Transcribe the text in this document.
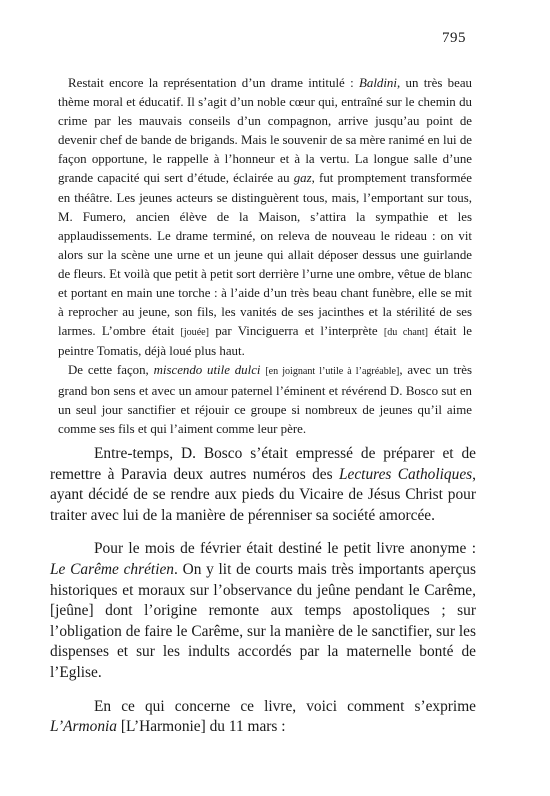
795

Restait encore la représentation d’un drame intitulé : Baldini, un très beau thème moral et éducatif. Il s’agit d’un noble cœur qui, entraîné sur le chemin du crime par les mauvais conseils d’un compagnon, arrive jusqu’au point de devenir chef de bande de brigands. Mais le souvenir de sa mère ranimé en lui de façon opportune, le rappelle à l’honneur et à la vertu. La longue salle d’une grande capacité qui sert d’étude, éclairée au gaz, fut promptement transformée en théâtre. Les jeunes acteurs se distinguèrent tous, mais, l’emportant sur tous, M. Fumero, ancien élève de la Maison, s’attira la sympathie et les applaudissements. Le drame terminé, on releva de nouveau le rideau : on vit alors sur la scène une urne et un jeune qui allait déposer dessus une guirlande de fleurs. Et voilà que petit à petit sort derrière l’urne une ombre, vêtue de blanc et portant en main une torche : à l’aide d’un très beau chant funèbre, elle se mit à reprocher au jeune, son fils, les vanités de ses jacinthes et la stérilité de ses larmes. L’ombre était [jouée] par Vinciguerra et l’interprète [du chant] était le peintre Tomatis, déjà loué plus haut.

De cette façon, miscendo utile dulci [en joignant l’utile à l’agréable], avec un très grand bon sens et avec un amour paternel l’éminent et révérend D. Bosco sut en un seul jour sanctifier et réjouir ce groupe si nombreux de jeunes qu’il aime comme ses fils et qui l’aiment comme leur père.

Entre-temps, D. Bosco s’était empressé de préparer et de remettre à Paravia deux autres numéros des Lectures Catholiques, ayant décidé de se rendre aux pieds du Vicaire de Jésus Christ pour traiter avec lui de la manière de pérenniser sa société amorcée.

Pour le mois de février était destiné le petit livre anonyme : Le Carême chrétien. On y lit de courts mais très importants aperçus historiques et moraux sur l’observance du jeûne pendant le Carême, [jeûne] dont l’origine remonte aux temps apostoliques ; sur l’obligation de faire le Carême, sur la manière de le sanctifier, sur les dispenses et sur les indults accordés par la maternelle bonté de l’Eglise.

En ce qui concerne ce livre, voici comment s’exprime L’Armonia [L’Harmonie] du 11 mars :
